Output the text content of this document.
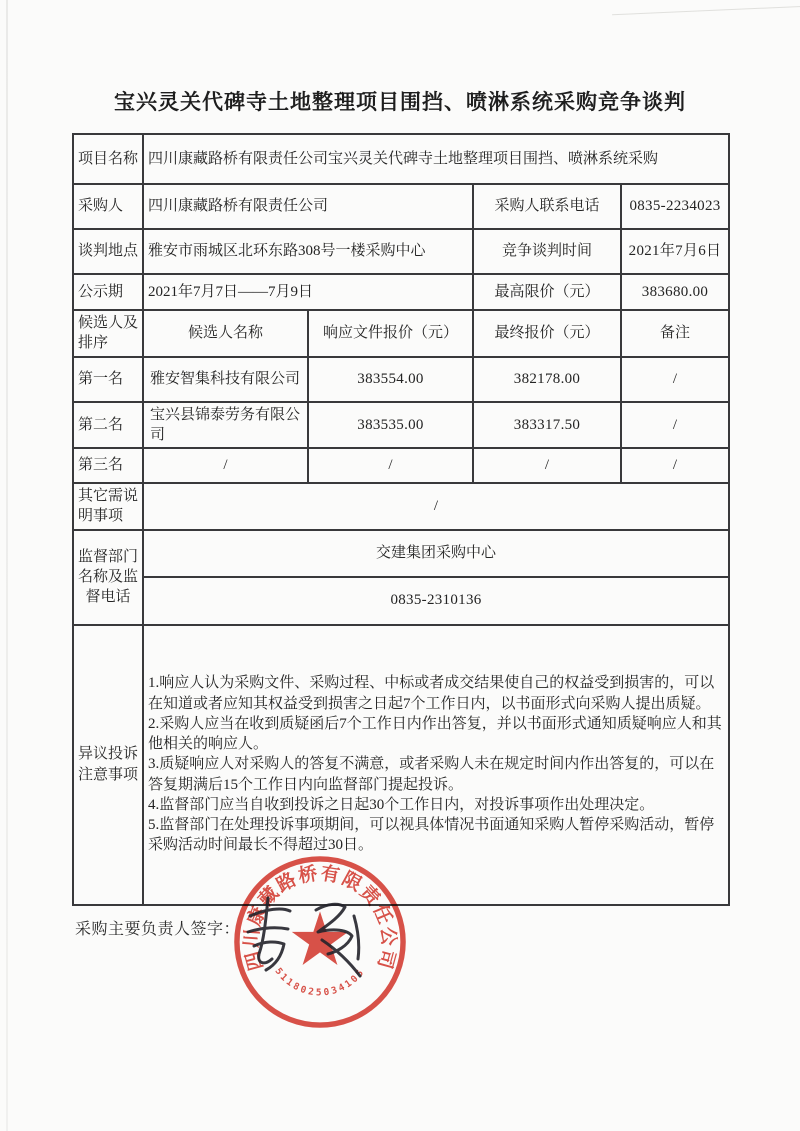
宝兴灵关代碑寺土地整理项目围挡、喷淋系统采购竞争谈判
项目名称	四川康藏路桥有限责任公司宝兴灵关代碑寺土地整理项目围挡、喷淋系统采购			
采购人	四川康藏路桥有限责任公司		采购人联系电话	0835-2234023
谈判地点	雅安市雨城区北环东路308号一楼采购中心		竞争谈判时间	2021年7月6日
公示期	2021年7月7日——7月9日		最高限价（元）	383680.00
候选人及排序	候选人名称	响应文件报价（元）	最终报价（元）	备注
第一名	雅安智集科技有限公司	383554.00	382178.00	/
第二名	宝兴县锦泰劳务有限公司	383535.00	383317.50	/
第三名	/	/	/	/
其它需说明事项	/			
监督部门名称及监督电话	交建集团采购中心			
	0835-2310136			
异议投诉注意事项	1.响应人认为采购文件、采购过程、中标或者成交结果使自己的权益受到损害的，可以在知道或者应知其权益受到损害之日起7个工作日内，以书面形式向采购人提出质疑。
2.采购人应当在收到质疑函后7个工作日内作出答复，并以书面形式通知质疑响应人和其他相关的响应人。
3.质疑响应人对采购人的答复不满意，或者采购人未在规定时间内作出答复的，可以在答复期满后15个工作日内向监督部门提起投诉。
4.监督部门应当自收到投诉之日起30个工作日内，对投诉事项作出处理决定。
5.监督部门在处理投诉事项期间，可以视具体情况书面通知采购人暂停采购活动，暂停采购活动时间最长不得超过30日。			
采购主要负责人签字：
四川康藏路桥有限责任公司
5118025034105
